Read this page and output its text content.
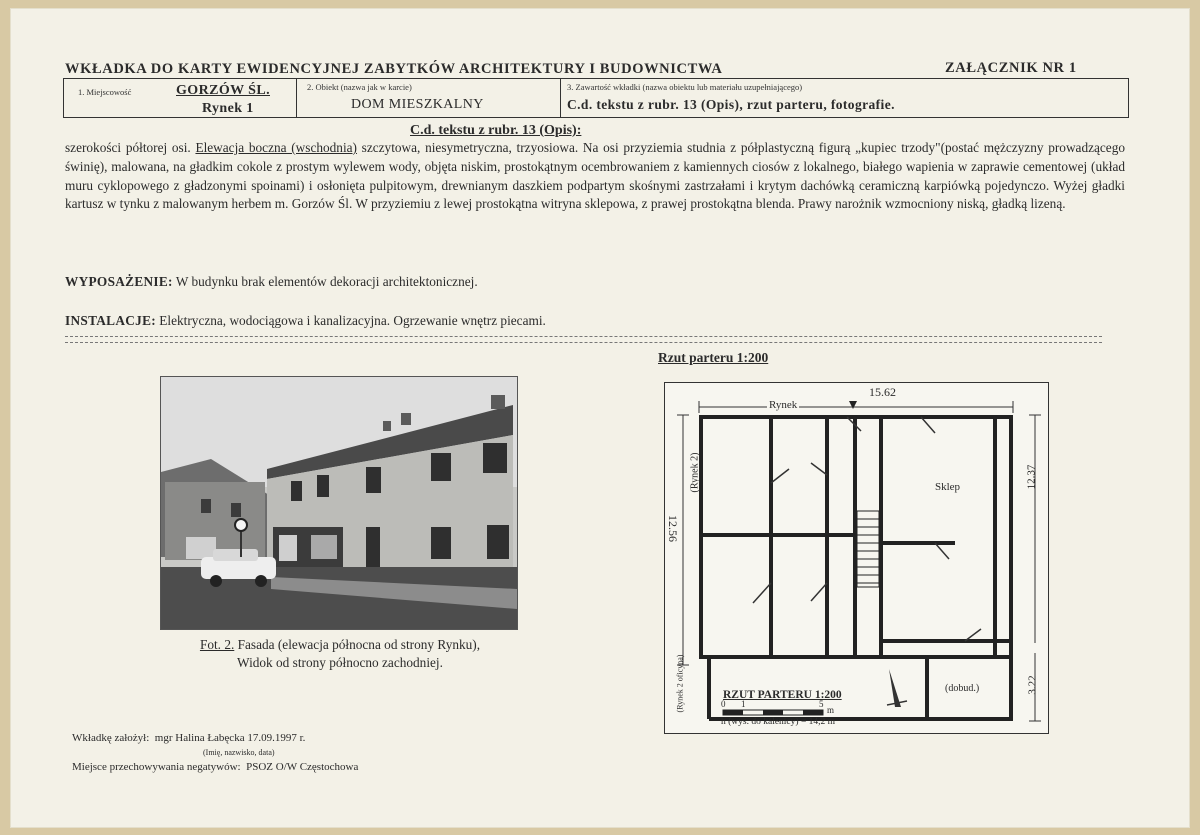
WKŁADKA DO KARTY EWIDENCYJNEJ ZABYTKÓW ARCHITEKTURY I BUDOWNICTWA	ZAŁĄCZNIK NR 1
1. Miejscowość	GORZÓW ŚL.
Rynek 1
2. Obiekt (nazwa jak w karcie)
DOM MIESZKALNY
3. Zawartość wkładki (nazwa obiektu lub materiału uzupełniającego)
C.d. tekstu z rubr. 13 (Opis), rzut parteru, fotografie.
C.d. tekstu z rubr. 13 (Opis):
szerokości półtorej osi. Elewacja boczna (wschodnia) szczytowa, niesymetryczna, trzyosiowa. Na osi przyziemia studnia z półplastyczną figurą „kupiec trzody"(postać mężczyzny prowadzącego świnię), malowana, na gładkim cokole z prostym wylewem wody, objęta niskim, prostokątnym ocembrowaniem z kamiennych ciosów z lokalnego, białego wapienia w zaprawie cementowej (układ muru cyklopowego z gładzonymi spoinami) i osłonięta pulpitowym, drewnianym daszkiem podpartym skośnymi zastrzałami i krytym dachówką ceramiczną karpiówką pojedynczo. Wyżej gładki kartusz w tynku z malowanym herbem m. Gorzów Śl. W przyziemiu z lewej prostokątna witryna sklepowa, z prawej prostokątna blenda. Prawy narożnik wzmocniony niską, gładką lizeną.
WYPOSAŻENIE: W budynku brak elementów dekoracji architektonicznej.
INSTALACJE: Elektryczna, wodociągowa i kanalizacyjna. Ogrzewanie wnętrz piecami.
Fot. 2. Fasada (elewacja północna od strony Rynku),
Widok od strony północno zachodniej.
Rzut parteru 1:200
15.62
Rynek
12.56
(Rynek 2)	12.37
3.22
(Rynek 2 oficyna)
Sklep
(dobud.)
RZUT PARTERU 1:200
0 1	5
m
h (wys. do kalenicy) = 14,2 m
Wkładkę założył: mgr Halina Łabęcka 17.09.1997 r.
(Imię, nazwisko, data)
Miejsce przechowywania negatywów: PSOZ O/W Częstochowa
